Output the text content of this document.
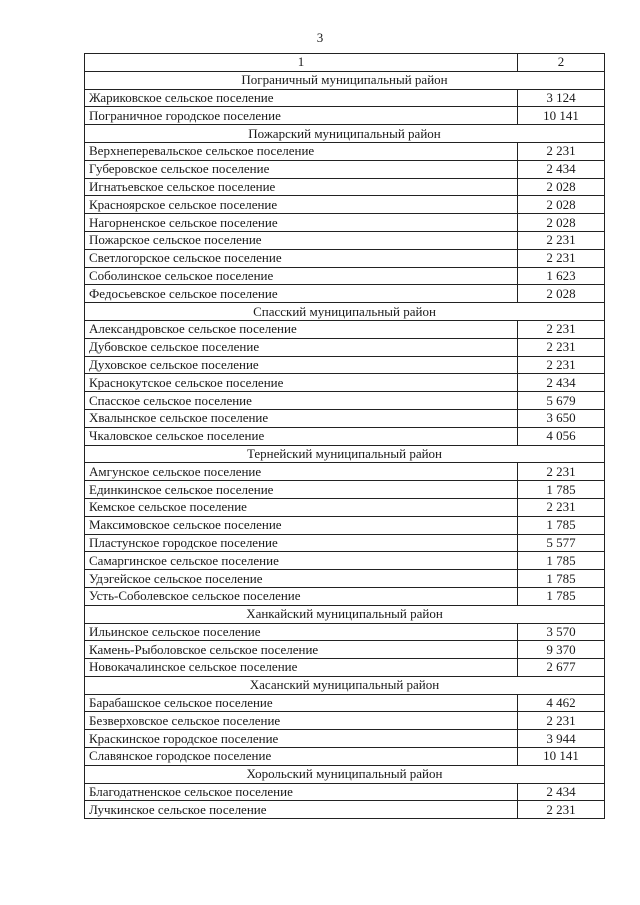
3
1	2
Пограничный муниципальный район	
Жариковское сельское поселение	3 124
Пограничное городское поселение	10 141
Пожарский муниципальный район	
Верхнеперевальское сельское поселение	2 231
Губеровское сельское поселение	2 434
Игнатьевское сельское поселение	2 028
Красноярское сельское поселение	2 028
Нагорненское сельское поселение	2 028
Пожарское сельское поселение	2 231
Светлогорское сельское поселение	2 231
Соболинское сельское поселение	1 623
Федосьевское сельское поселение	2 028
Спасский муниципальный район	
Александровское сельское поселение	2 231
Дубовское сельское поселение	2 231
Духовское сельское поселение	2 231
Краснокутское сельское поселение	2 434
Спасское сельское поселение	5 679
Хвалынское сельское поселение	3 650
Чкаловское сельское поселение	4 056
Тернейский муниципальный район	
Амгунское сельское поселение	2 231
Единкинское сельское поселение	1 785
Кемское сельское поселение	2 231
Максимовское сельское поселение	1 785
Пластунское городское поселение	5 577
Самаргинское сельское поселение	1 785
Удэгейское сельское поселение	1 785
Усть-Соболевское сельское поселение	1 785
Ханкайский муниципальный район	
Ильинское сельское поселение	3 570
Камень-Рыболовское сельское поселение	9 370
Новокачалинское сельское поселение	2 677
Хасанский муниципальный район	
Барабашское сельское поселение	4 462
Безверховское сельское поселение	2 231
Краскинское городское поселение	3 944
Славянское городское поселение	10 141
Хорольский муниципальный район	
Благодатненское сельское поселение	2 434
Лучкинское сельское поселение	2 231
